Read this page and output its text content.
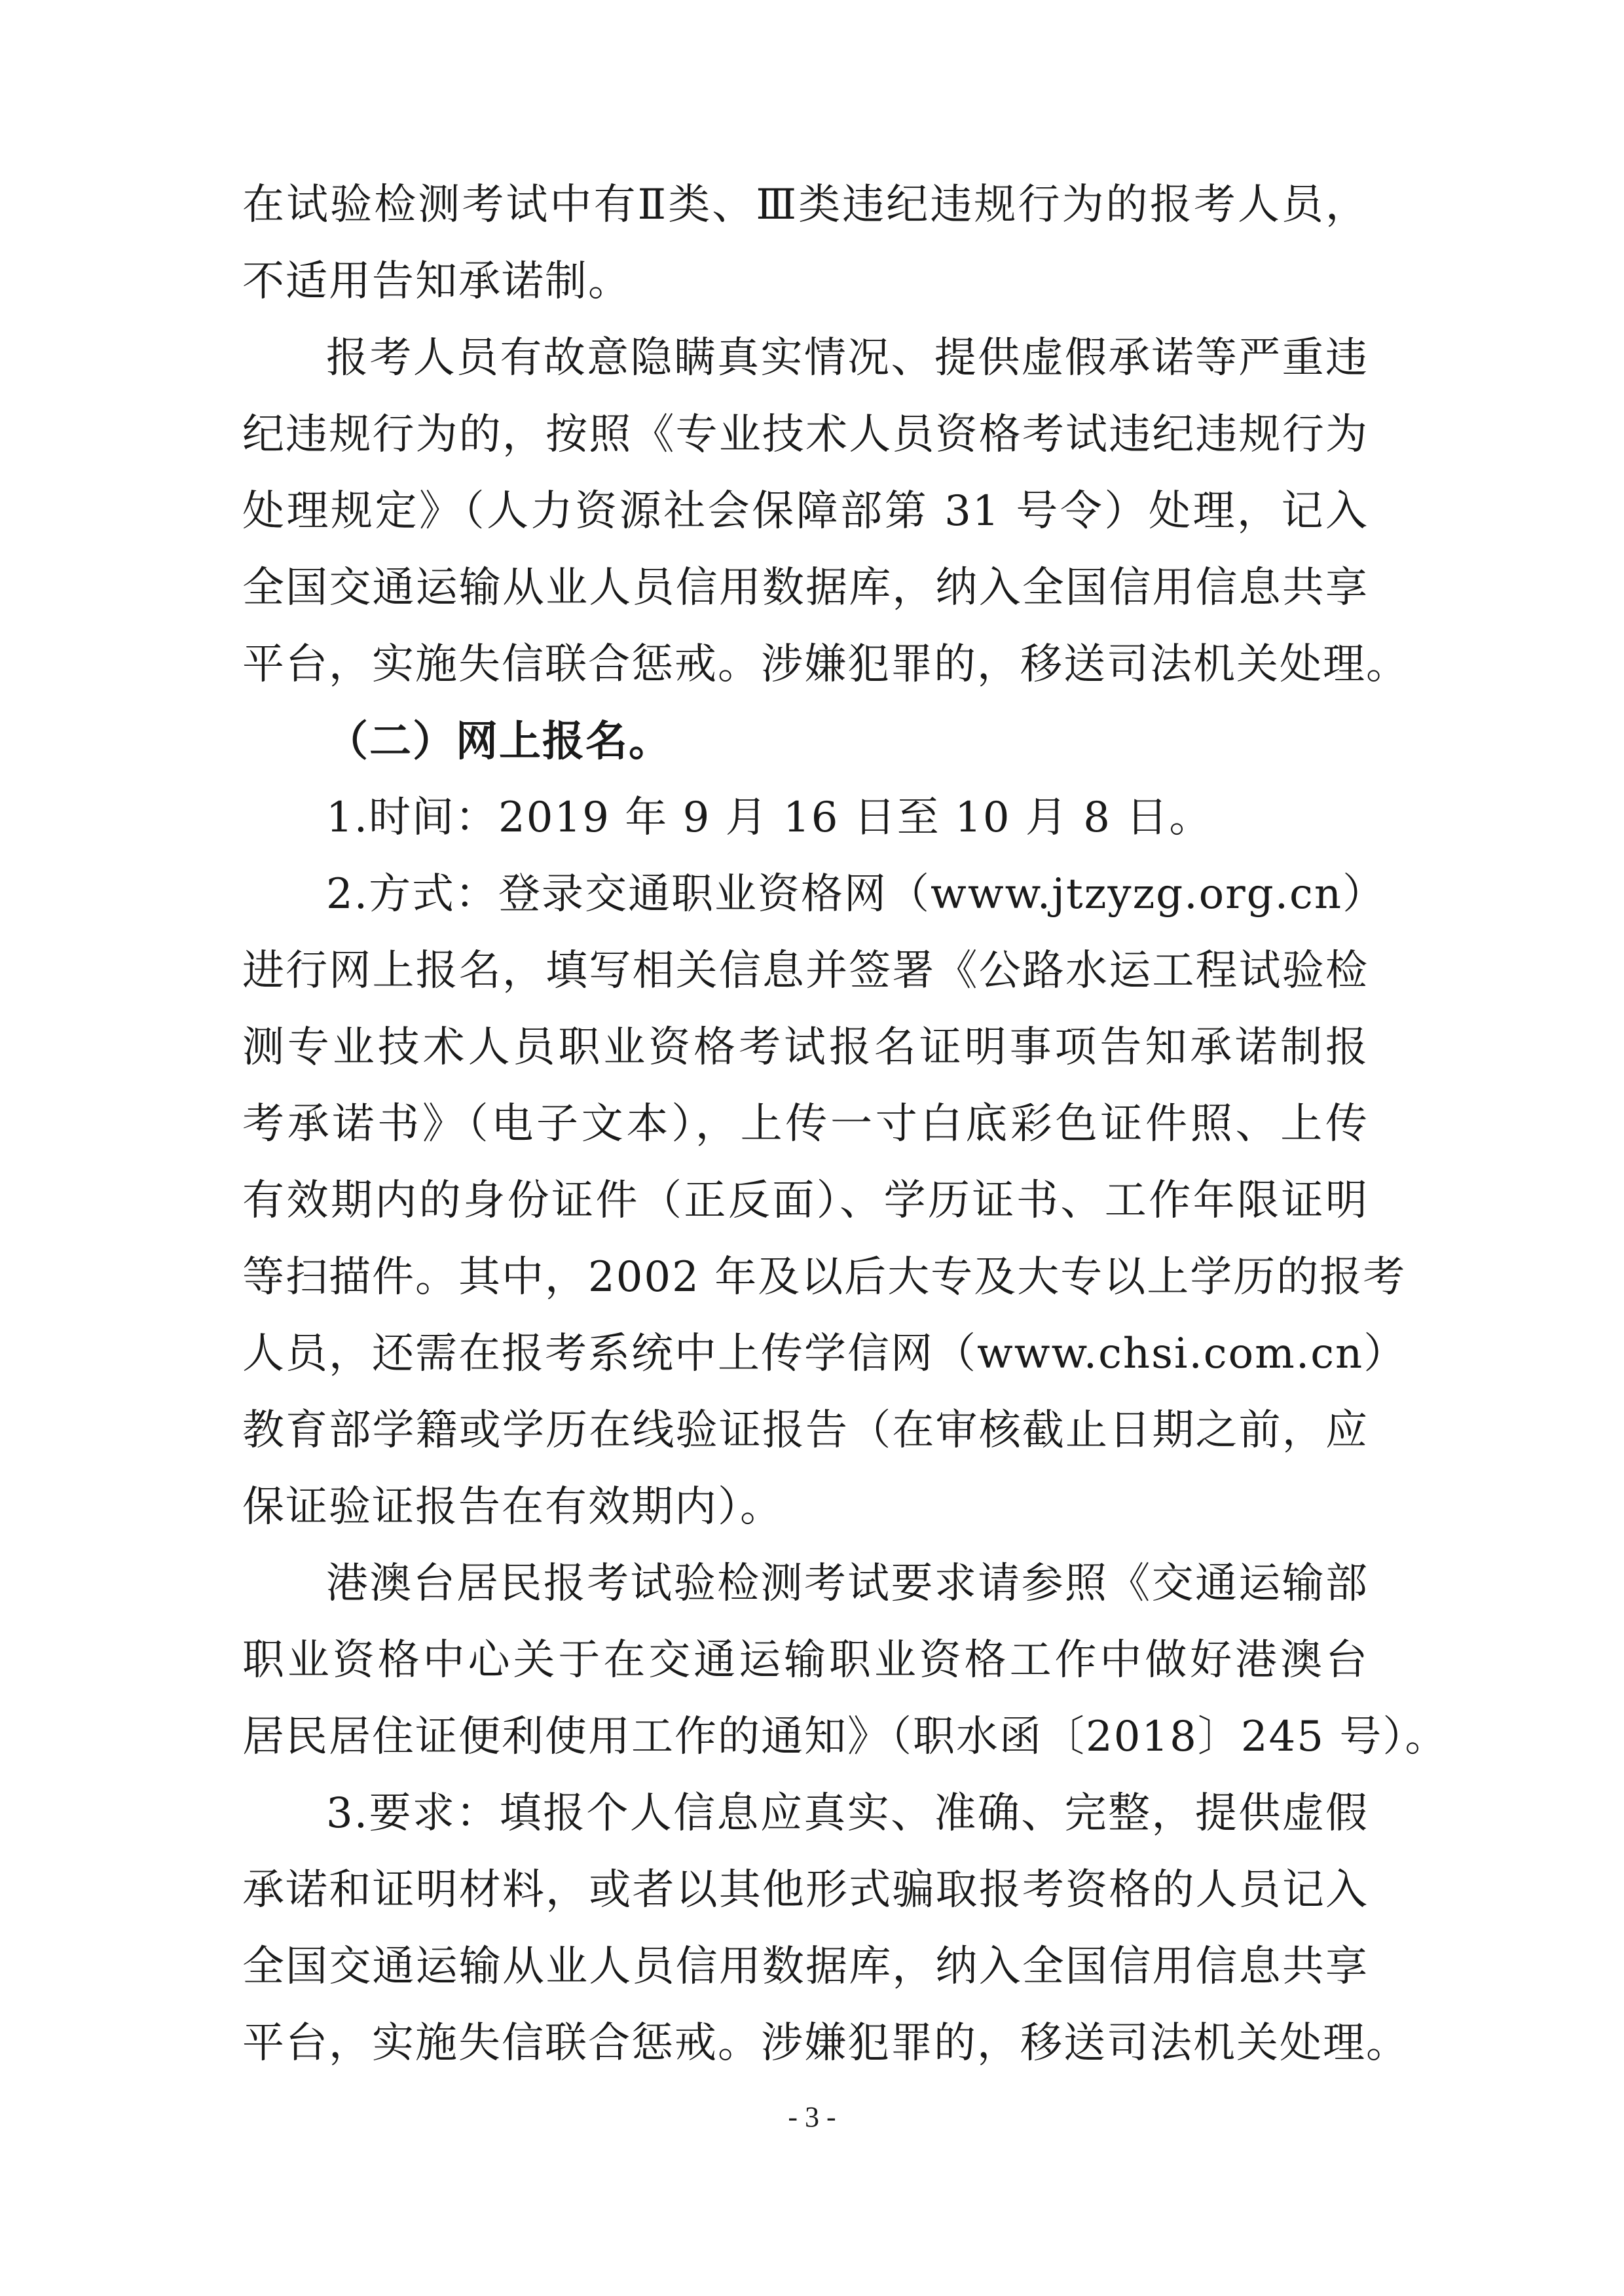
在试验检测考试中有Ⅱ类、Ⅲ类违纪违规行为的报考人员，
不适用告知承诺制。
报考人员有故意隐瞒真实情况、提供虚假承诺等严重违
纪违规行为的，按照《专业技术人员资格考试违纪违规行为
处理规定》（人力资源社会保障部第 31 号令）处理，记入
全国交通运输从业人员信用数据库，纳入全国信用信息共享
平台，实施失信联合惩戒。涉嫌犯罪的，移送司法机关处理。
（二）网上报名。
1.时间：2019 年 9 月 16 日至 10 月 8 日。
2.方式：登录交通职业资格网（www.jtzyzg.org.cn）
进行网上报名，填写相关信息并签署《公路水运工程试验检
测专业技术人员职业资格考试报名证明事项告知承诺制报
考承诺书》（电子文本），上传一寸白底彩色证件照、上传
有效期内的身份证件（正反面）、学历证书、工作年限证明
等扫描件。其中，2002 年及以后大专及大专以上学历的报考
人员，还需在报考系统中上传学信网（www.chsi.com.cn）
教育部学籍或学历在线验证报告（在审核截止日期之前，应
保证验证报告在有效期内）。
港澳台居民报考试验检测考试要求请参照《交通运输部
职业资格中心关于在交通运输职业资格工作中做好港澳台
居民居住证便利使用工作的通知》（职水函〔2018〕245 号）。
3.要求：填报个人信息应真实、准确、完整，提供虚假
承诺和证明材料，或者以其他形式骗取报考资格的人员记入
全国交通运输从业人员信用数据库，纳入全国信用信息共享
平台，实施失信联合惩戒。涉嫌犯罪的，移送司法机关处理。
- 3 -
